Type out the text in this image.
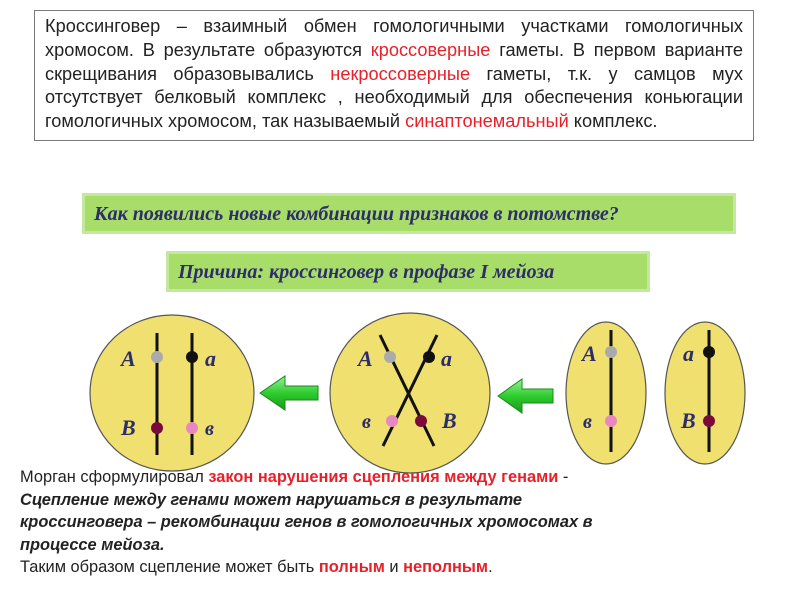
Кроссинговер – взаимный обмен гомологичными участками гомологичных хромосом. В результате образуются кроссоверные гаметы. В первом варианте скрещивания образовывались некроссоверные гаметы, т.к. у самцов мух отсутствует белковый комплекс , необходимый для обеспечения коньюгации гомологичных хромосом, так называемый синаптонемальный комплекс.
Как появились новые комбинации признаков в потомстве?
Причина: кроссинговер в профазе I мейоза
A	a
B	в
A	a
в	B
A
в
a
B
Морган сформулировал закон нарушения сцепления между генами -
Сцепление между генами может нарушаться в результате
кроссинговера – рекомбинации генов в гомологичных хромосомах в
процессе мейоза.
Таким образом сцепление может быть полным и неполным.
